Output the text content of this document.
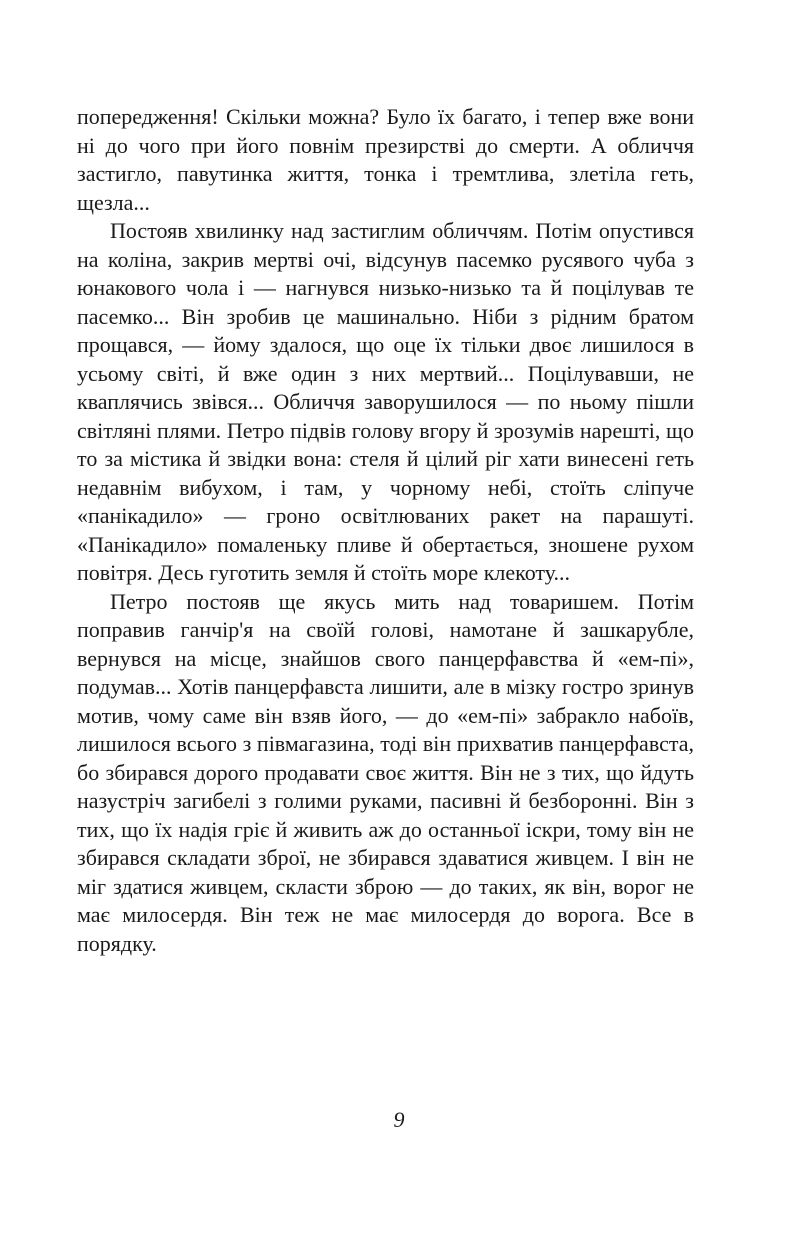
попередження! Скільки можна? Було їх багато, і тепер вже вони ні до чого при його повнім презирстві до смерти. А обличчя застигло, павутинка життя, тонка і тремтлива, злетіла геть, щезла...

Постояв хвилинку над застиглим обличчям. Потім опустився на коліна, закрив мертві очі, відсунув пасемко русявого чуба з юнакового чола і — нагнувся низько-низько та й поцілував те пасемко... Він зробив це машинально. Ніби з рідним братом прощався, — йому здалося, що оце їх тільки двоє лишилося в усьому світі, й вже один з них мертвий... Поцілувавши, не кваплячись звівся... Обличчя заворушилося — по ньому пішли світляні плями. Петро підвів голову вгору й зрозумів нарешті, що то за містика й звідки вона: стеля й цілий ріг хати винесені геть недавнім вибухом, і там, у чорному небі, стоїть сліпуче «панікадило» — гроно освітлюваних ракет на парашуті. «Панікадило» помаленьку пливе й обертається, зношене рухом повітря. Десь гуготить земля й стоїть море клекоту...

Петро постояв ще якусь мить над товаришем. Потім поправив ганчір'я на своїй голові, намотане й зашкарубле, вернувся на місце, знайшов свого панцерфавства й «ем-пі», подумав... Хотів панцерфавста лишити, але в мізку гостро зринув мотив, чому саме він взяв його, — до «ем-пі» забракло набоїв, лишилося всього з півмагазина, тоді він прихватив панцерфавста, бо збирався дорого продавати своє життя. Він не з тих, що йдуть назустріч загибелі з голими руками, пасивні й безборонні. Він з тих, що їх надія гріє й живить аж до останньої іскри, тому він не збирався складати зброї, не збирався здаватися живцем. І він не міг здатися живцем, скласти зброю — до таких, як він, ворог не має милосердя. Він теж не має милосердя до ворога. Все в порядку.

9
